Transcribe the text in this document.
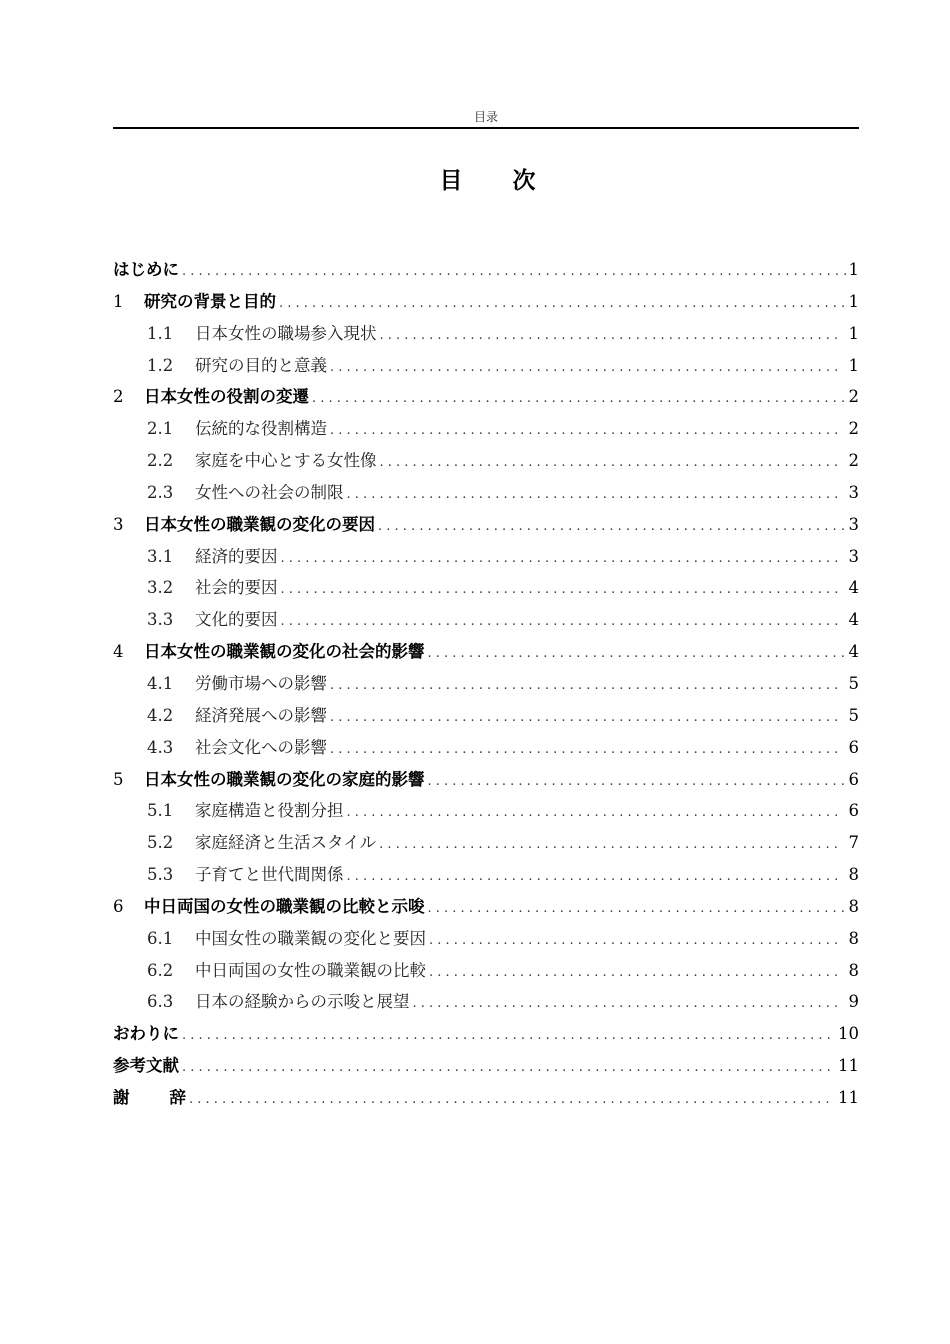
目录
目 次
はじめに . . .	1
1 研究の背景と目的 . . .	1
1.1 日本女性の職場参入現状 . . .	1
1.2 研究の目的と意義 . . .	1
2 日本女性の役割の変遷 . . .	2
2.1 伝統的な役割構造 . . .	2
2.2 家庭を中心とする女性像 . . .	2
2.3 女性への社会の制限 . . .	3
3 日本女性の職業観の変化の要因 . . .	3
3.1 経済的要因 . . .	3
3.2 社会的要因 . . .	4
3.3 文化的要因 . . .	4
4 日本女性の職業観の変化の社会的影響 . . .	4
4.1 労働市場への影響 . . .	5
4.2 経済発展への影響 . . .	5
4.3 社会文化への影響 . . .	6
5 日本女性の職業観の変化の家庭的影響 . . .	6
5.1 家庭構造と役割分担 . . .	6
5.2 家庭経済と生活スタイル . . .	7
5.3 子育てと世代間関係 . . .	8
6 中日両国の女性の職業観の比較と示唆 . . .	8
6.1 中国女性の職業観の変化と要因 . . .	8
6.2 中日両国の女性の職業観の比較 . . .	8
6.3 日本の経験からの示唆と展望 . . .	9
おわりに . . .	10
参考文献 . . .	11
謝 辞 . . .	11
